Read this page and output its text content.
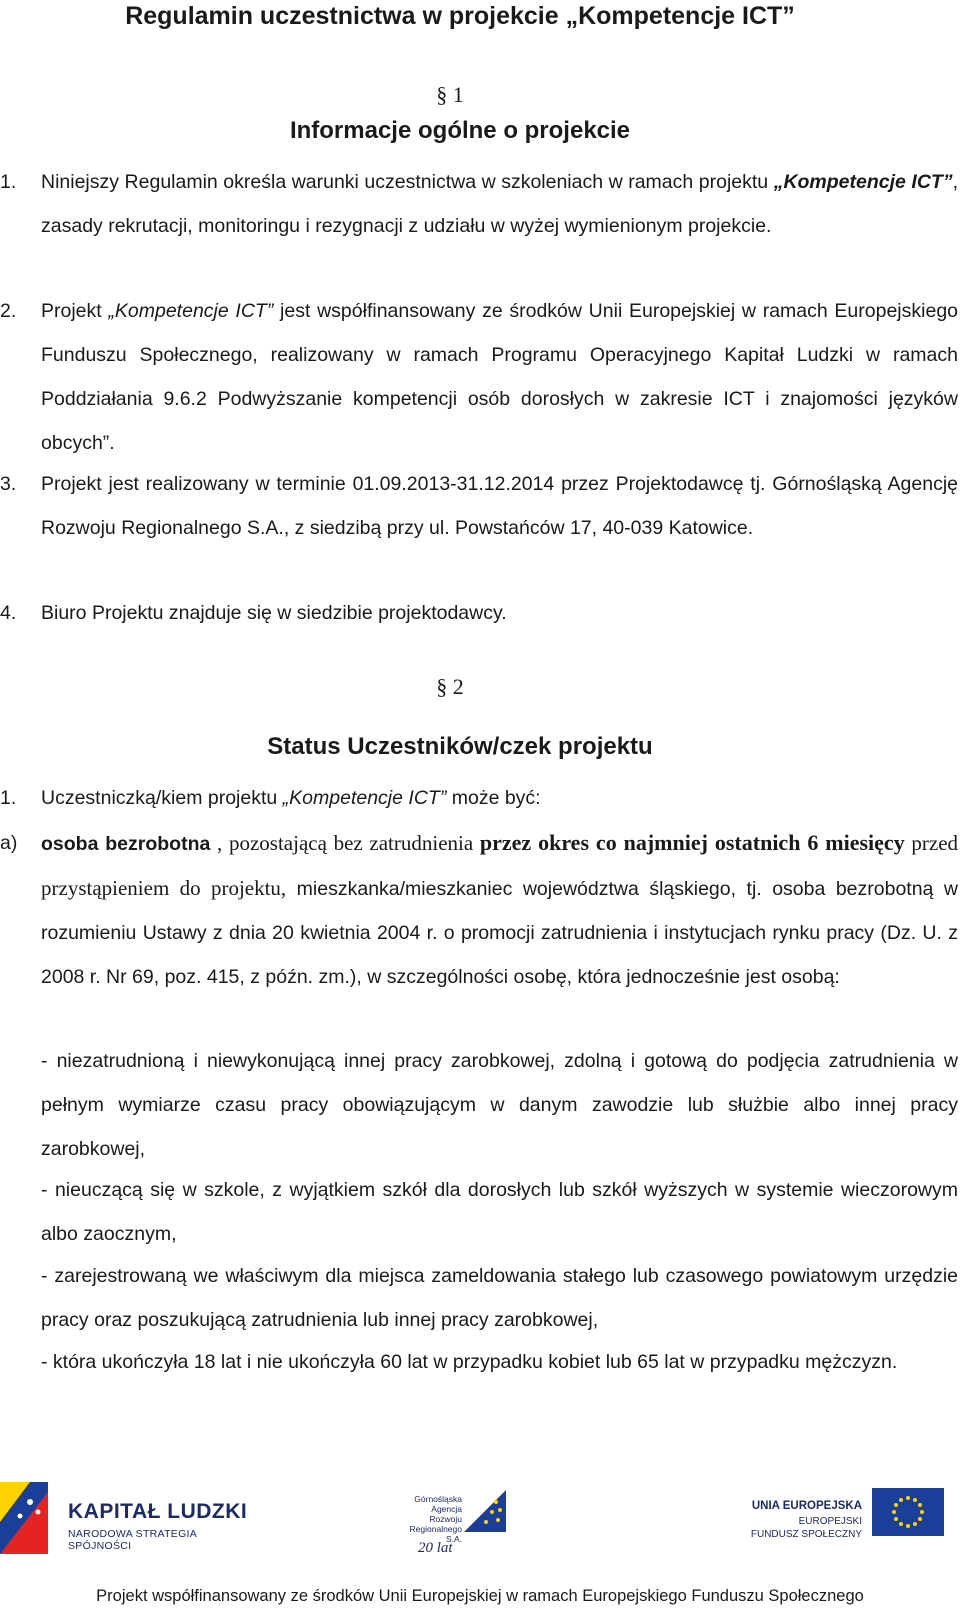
Regulamin uczestnictwa w projekcie „Kompetencje ICT”
§ 1
Informacje ogólne o projekcie
1. Niniejszy Regulamin określa warunki uczestnictwa w szkoleniach w ramach projektu „Kompetencje ICT”, zasady rekrutacji, monitoringu i rezygnacji z udziału w wyżej wymienionym projekcie.
2. Projekt „Kompetencje ICT” jest współfinansowany ze środków Unii Europejskiej w ramach Europejskiego Funduszu Społecznego, realizowany w ramach Programu Operacyjnego Kapitał Ludzki w ramach Poddziałania 9.6.2 Podwyższanie kompetencji osób dorosłych w zakresie ICT i znajomości języków obcych”.
3. Projekt jest realizowany w terminie 01.09.2013-31.12.2014 przez Projektodawcę tj. Górnośląską Agencję Rozwoju Regionalnego S.A., z siedzibą przy ul. Powstańców 17, 40-039 Katowice.
4. Biuro Projektu znajduje się w siedzibie projektodawcy.
§ 2
Status Uczestników/czek projektu
1. Uczestniczką/kiem projektu „Kompetencje ICT” może być:
a) osoba bezrobotna , pozostającą bez zatrudnienia przez okres co najmniej ostatnich 6 miesięcy przed przystąpieniem do projektu, mieszkanka/mieszkaniec województwa śląskiego, tj. osoba bezrobotną w rozumieniu Ustawy z dnia 20 kwietnia 2004 r. o promocji zatrudnienia i instytucjach rynku pracy (Dz. U. z 2008 r. Nr 69, poz. 415, z późn. zm.), w szczególności osobę, która jednocześnie jest osobą:
- niezatrudnioną i niewykonującą innej pracy zarobkowej, zdolną i gotową do podjęcia zatrudnienia w pełnym wymiarze czasu pracy obowiązującym w danym zawodzie lub służbie albo innej pracy zarobkowej,
- nieuczącą się w szkole, z wyjątkiem szkół dla dorosłych lub szkół wyższych w systemie wieczorowym albo zaocznym,
- zarejestrowaną we właściwym dla miejsca zameldowania stałego lub czasowego powiatowym urzędzie pracy oraz poszukującą zatrudnienia lub innej pracy zarobkowej,
- która ukończyła 18 lat i nie ukończyła 60 lat w przypadku kobiet lub 65 lat w przypadku mężczyzn.
KAPITAŁ LUDZKI
NARODOWA STRATEGIA SPÓJNOŚCI
Górnośląska
Agencja Rozwoju
Regionalnego S.A.
20 lat
UNIA EUROPEJSKA
EUROPEJSKI
FUNDUSZ SPOŁECZNY
Projekt współfinansowany ze środków Unii Europejskiej w ramach Europejskiego Funduszu Społecznego
